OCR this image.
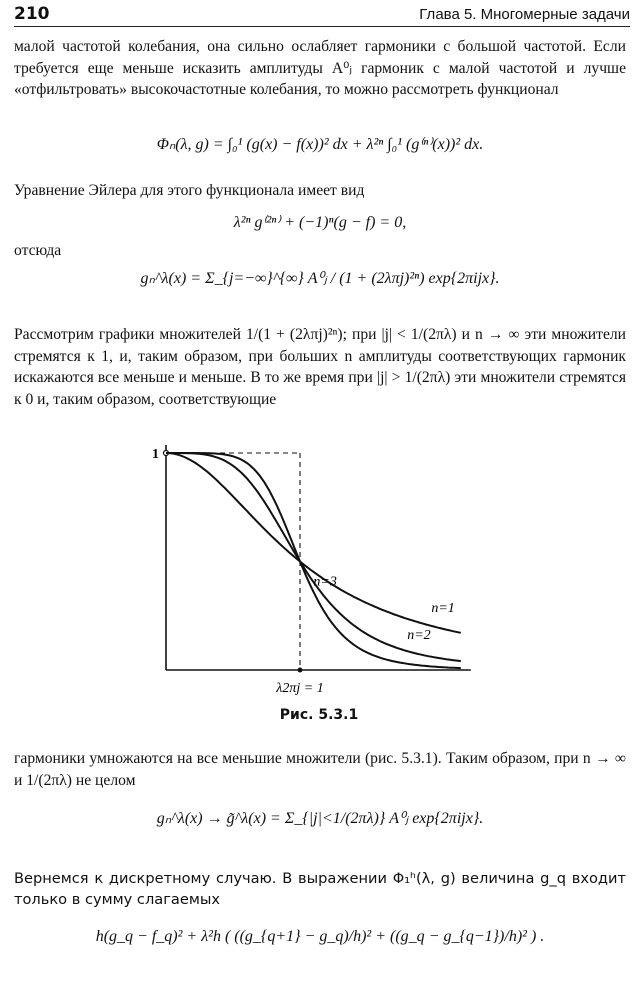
210	Глава 5. Многомерные задачи
малой частотой колебания, она сильно ослабляет гармоники с большой частотой. Если требуется еще меньше исказить амплитуды A⁰ⱼ гармоник с малой частотой и лучше «отфильтровать» высокочастотные колебания, то можно рассмотреть функционал
Φₙ(λ, g) = ∫₀¹ (g(x) − f(x))² dx + λ²ⁿ ∫₀¹ (g⁽ⁿ⁾(x))² dx.
Уравнение Эйлера для этого функционала имеет вид
λ²ⁿ g⁽²ⁿ⁾ + (−1)ⁿ(g − f) = 0,
отсюда
gₙ^λ(x) = Σ_{j=−∞}^{∞} A⁰ⱼ / (1 + (2λπj)²ⁿ) exp{2πijx}.
Рассмотрим графики множителей 1/(1 + (2λπj)²ⁿ); при |j| < 1/(2πλ) и n → ∞ эти множители стремятся к 1, и, таким образом, при больших n амплитуды соответствующих гармоник искажаются все меньше и меньше. В то же время при |j| > 1/(2πλ) эти множители стремятся к 0 и, таким образом, соответствующие
1
λ2πj = 1
n=1
n=2
n=3
Рис. 5.3.1
гармоники умножаются на все меньшие множители (рис. 5.3.1). Таким образом, при n → ∞ и 1/(2πλ) не целом
gₙ^λ(x) → g̃^λ(x) = Σ_{|j|<1/(2πλ)} A⁰ⱼ exp{2πijx}.
Вернемся к дискретному случаю. В выражении Φ₁ʰ(λ, g) величина g_q входит только в сумму слагаемых
h(g_q − f_q)² + λ²h ( ((g_{q+1} − g_q)/h)² + ((g_q − g_{q−1})/h)² ) .
